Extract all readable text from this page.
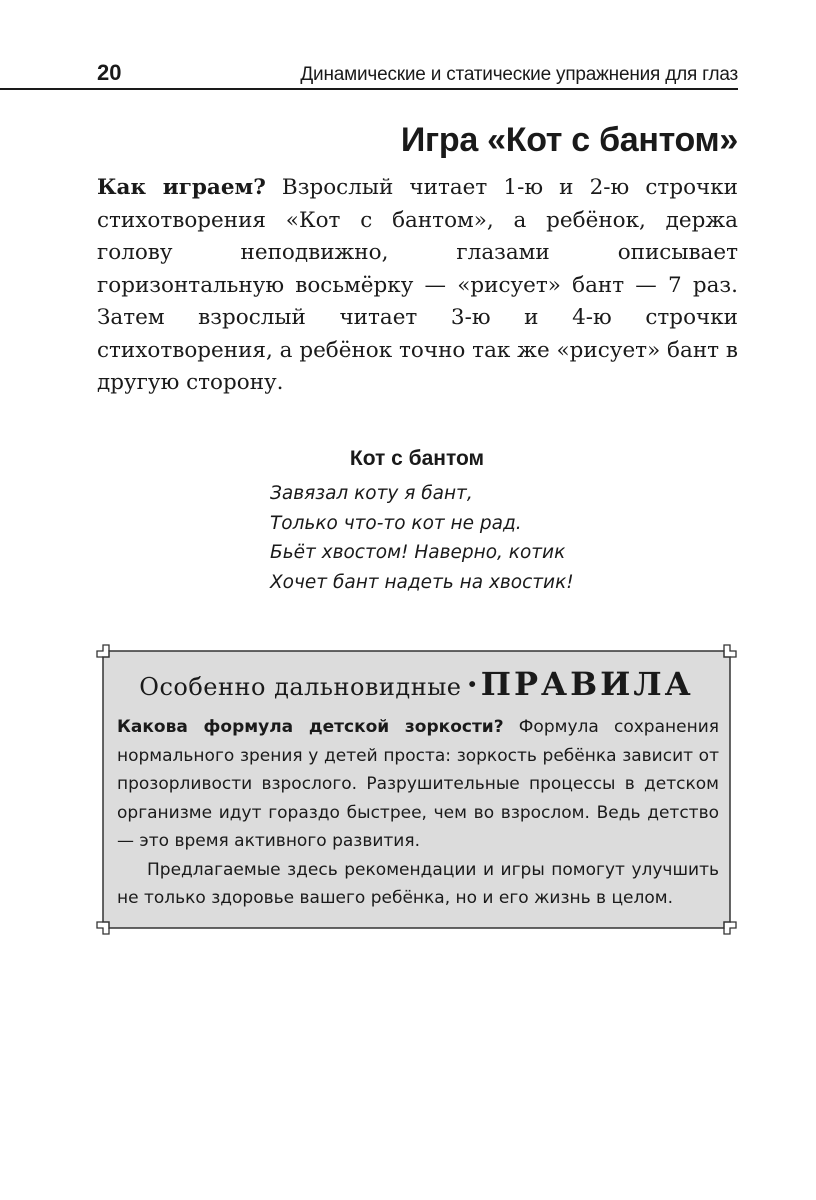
20	Динамические и статические упражнения для глаз
Игра «Кот с бантом»
Как играем? Взрослый читает 1-ю и 2-ю строчки стихотворения «Кот с бантом», а ребёнок, держа голову неподвижно, глазами описывает горизонтальную восьмёрку — «рисует» бант — 7 раз. Затем взрослый читает 3-ю и 4-ю строчки стихотворения, а ребёнок точно так же «рисует» бант в другую сторону.
Кот с бантом
Завязал коту я бант,
Только что-то кот не рад.
Бьёт хвостом! Наверно, котик
Хочет бант надеть на хвостик!
Особенно дальновидные ·ПРАВИЛА

Какова формула детской зоркости? Формула сохранения нормального зрения у детей проста: зоркость ребёнка зависит от прозорливости взрослого. Разрушительные процессы в детском организме идут гораздо быстрее, чем во взрослом. Ведь детство — это время активного развития.

Предлагаемые здесь рекомендации и игры помогут улучшить не только здоровье вашего ребёнка, но и его жизнь в целом.
